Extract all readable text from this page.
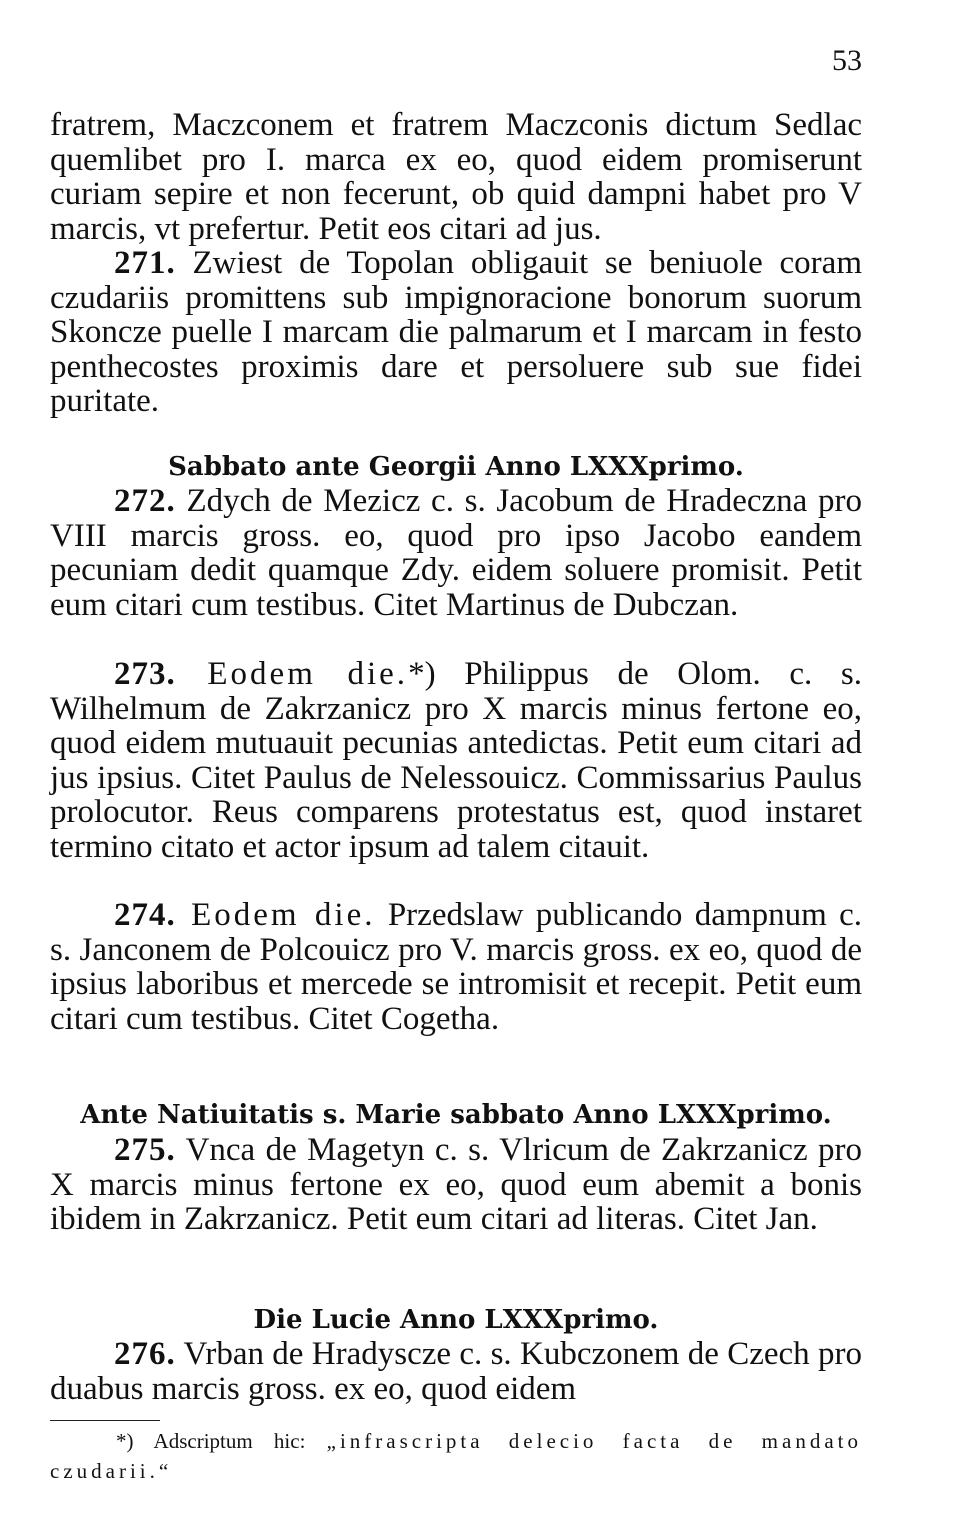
53

fratrem, Maczconem et fratrem Maczconis dictum Sedlac quemlibet pro I. marca ex eo, quod eidem promiserunt curiam sepire et non fecerunt, ob quid dampni habet pro V marcis, vt prefertur. Petit eos citari ad jus.

271. Zwiest de Topolan obligauit se beniuole coram czudariis promittens sub impignoracione bonorum suorum Skoncze puelle I marcam die palmarum et I marcam in festo penthecostes proximis dare et persoluere sub sue fidei puritate.

Sabbato ante Georgii Anno LXXXprimo.

272. Zdych de Mezicz c. s. Jacobum de Hradeczna pro VIII marcis gross. eo, quod pro ipso Jacobo eandem pecuniam dedit quamque Zdy. eidem soluere promisit. Petit eum citari cum testibus. Citet Martinus de Dubczan.

273. Eodem die.*) Philippus de Olom. c. s. Wilhelmum de Zakrzanicz pro X marcis minus fertone eo, quod eidem mutuauit pecunias antedictas. Petit eum citari ad jus ipsius. Citet Paulus de Nelessouicz. Commissarius Paulus prolocutor. Reus comparens protestatus est, quod instaret termino citato et actor ipsum ad talem citauit.

274. Eodem die. Przedslaw publicando dampnum c. s. Janconem de Polcouicz pro V. marcis gross. ex eo, quod de ipsius laboribus et mercede se intromisit et recepit. Petit eum citari cum testibus. Citet Cogetha.

Ante Natiuitatis s. Marie sabbato Anno LXXXprimo.

275. Vnca de Magetyn c. s. Vlricum de Zakrzanicz pro X marcis minus fertone ex eo, quod eum abemit a bonis ibidem in Zakrzanicz. Petit eum citari ad literas. Citet Jan.

Die Lucie Anno LXXXprimo.

276. Vrban de Hradyscze c. s. Kubczonem de Czech pro duabus marcis gross. ex eo, quod eidem

*) Adscriptum hic: „infrascripta delecio facta de mandato czudarii.“
